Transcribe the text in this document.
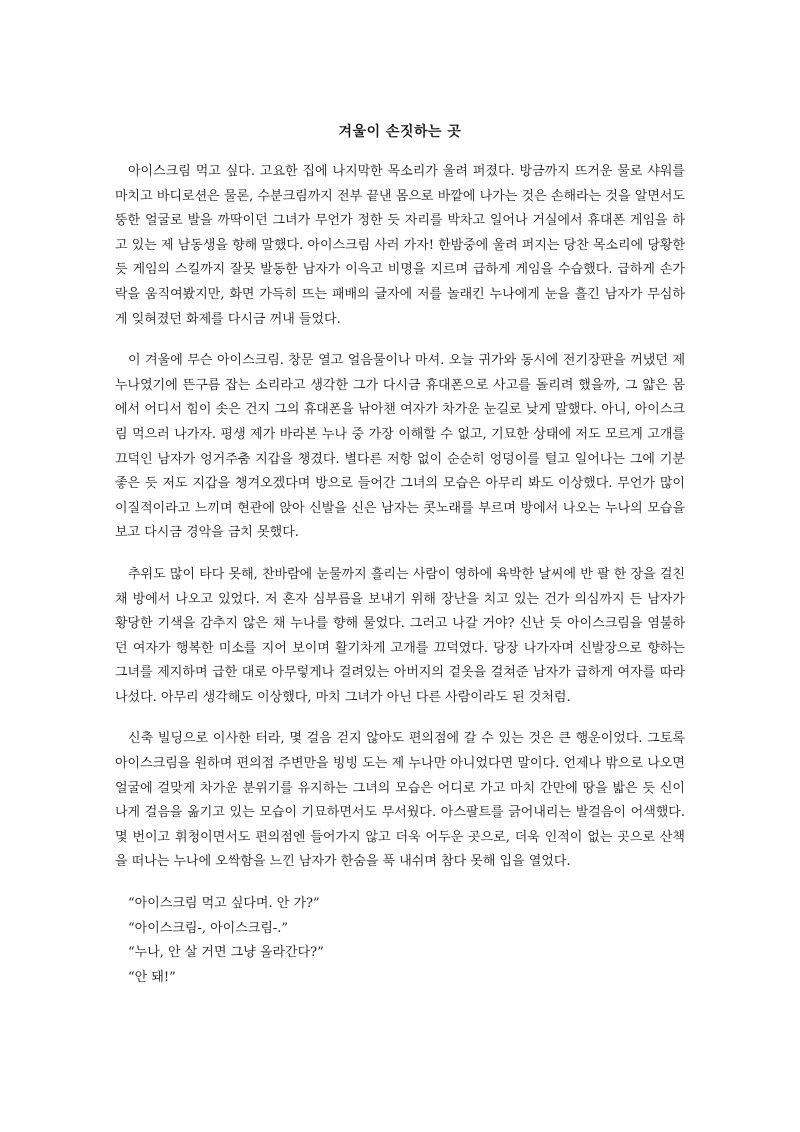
겨울이 손짓하는 곳

아이스크림 먹고 싶다. 고요한 집에 나지막한 목소리가 울려 퍼졌다. 방금까지 뜨거운 물로 샤워를 마치고 바디로션은 물론, 수분크림까지 전부 끝낸 몸으로 바깥에 나가는 것은 손해라는 것을 알면서도 뚱한 얼굴로 발을 까딱이던 그녀가 무언가 정한 듯 자리를 박차고 일어나 거실에서 휴대폰 게임을 하고 있는 제 남동생을 향해 말했다. 아이스크림 사러 가자! 한밤중에 울려 퍼지는 당찬 목소리에 당황한 듯 게임의 스킬까지 잘못 발동한 남자가 이윽고 비명을 지르며 급하게 게임을 수습했다. 급하게 손가락을 움직여봤지만, 화면 가득히 뜨는 패배의 글자에 저를 놀래킨 누나에게 눈을 흘긴 남자가 무심하게 잊혀졌던 화제를 다시금 꺼내 들었다.

이 겨울에 무슨 아이스크림. 창문 열고 얼음물이나 마셔. 오늘 귀가와 동시에 전기장판을 꺼냈던 제 누나였기에 뜬구름 잡는 소리라고 생각한 그가 다시금 휴대폰으로 사고를 돌리려 했을까, 그 얇은 몸에서 어디서 힘이 솟은 건지 그의 휴대폰을 낚아챈 여자가 차가운 눈길로 낮게 말했다. 아니, 아이스크림 먹으러 나가자. 평생 제가 바라본 누나 중 가장 이해할 수 없고, 기묘한 상태에 저도 모르게 고개를 끄덕인 남자가 엉거주춤 지갑을 챙겼다. 별다른 저항 없이 순순히 엉덩이를 털고 일어나는 그에 기분 좋은 듯 저도 지갑을 챙겨오겠다며 방으로 들어간 그녀의 모습은 아무리 봐도 이상했다. 무언가 많이 이질적이라고 느끼며 현관에 앉아 신발을 신은 남자는 콧노래를 부르며 방에서 나오는 누나의 모습을 보고 다시금 경악을 금치 못했다.

추위도 많이 타다 못해, 찬바람에 눈물까지 흘리는 사람이 영하에 육박한 날씨에 반 팔 한 장을 걸친 채 방에서 나오고 있었다. 저 혼자 심부름을 보내기 위해 장난을 치고 있는 건가 의심까지 든 남자가 황당한 기색을 감추지 않은 채 누나를 향해 물었다. 그러고 나갈 거야? 신난 듯 아이스크림을 염불하던 여자가 행복한 미소를 지어 보이며 활기차게 고개를 끄덕였다. 당장 나가자며 신발장으로 향하는 그녀를 제지하며 급한 대로 아무렇게나 걸려있는 아버지의 겉옷을 걸쳐준 남자가 급하게 여자를 따라나섰다. 아무리 생각해도 이상했다, 마치 그녀가 아닌 다른 사람이라도 된 것처럼.

신축 빌딩으로 이사한 터라, 몇 걸음 걷지 않아도 편의점에 갈 수 있는 것은 큰 행운이었다. 그토록 아이스크림을 원하며 편의점 주변만을 빙빙 도는 제 누나만 아니었다면 말이다. 언제나 밖으로 나오면 얼굴에 걸맞게 차가운 분위기를 유지하는 그녀의 모습은 어디로 가고 마치 간만에 땅을 밟은 듯 신이 나게 걸음을 옮기고 있는 모습이 기묘하면서도 무서웠다. 아스팔트를 긁어내리는 발걸음이 어색했다. 몇 번이고 휘청이면서도 편의점엔 들어가지 않고 더욱 어두운 곳으로, 더욱 인적이 없는 곳으로 산책을 떠나는 누나에 오싹함을 느낀 남자가 한숨을 푹 내쉬며 참다 못해 입을 열었다.

“아이스크림 먹고 싶다며. 안 가?”
“아이스크림-, 아이스크림-.”
“누나, 안 살 거면 그냥 올라간다?”
“안 돼!”
